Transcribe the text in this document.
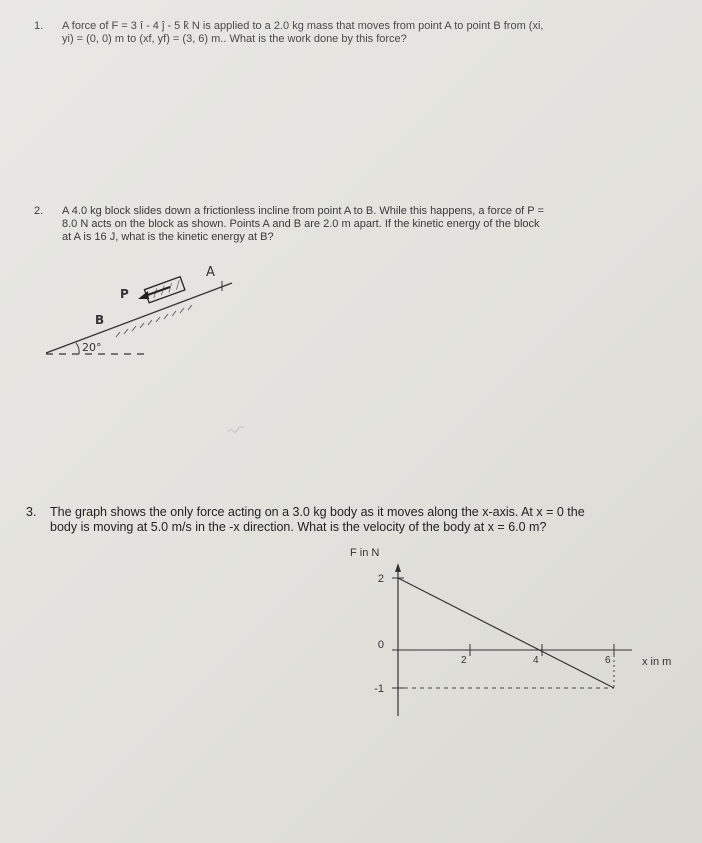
1. A force of F = 3 î - 4 ĵ - 5 k̂ N is applied to a 2.0 kg mass that moves from point A to point B from (xi,
yi) = (0, 0) m to (xf, yf) = (3, 6) m.. What is the work done by this force?
2. A 4.0 kg block slides down a frictionless incline from point A to B. While this happens, a force of P =
8.0 N acts on the block as shown. Points A and B are 2.0 m apart. If the kinetic energy of the block
at A is 16 J, what is the kinetic energy at B?
A
B
P
20°
3. The graph shows the only force acting on a 3.0 kg body as it moves along the x-axis. At x = 0 the
body is moving at 5.0 m/s in the -x direction. What is the velocity of the body at x = 6.0 m?
F in N
x in m
2
0
-1
2	4	6
